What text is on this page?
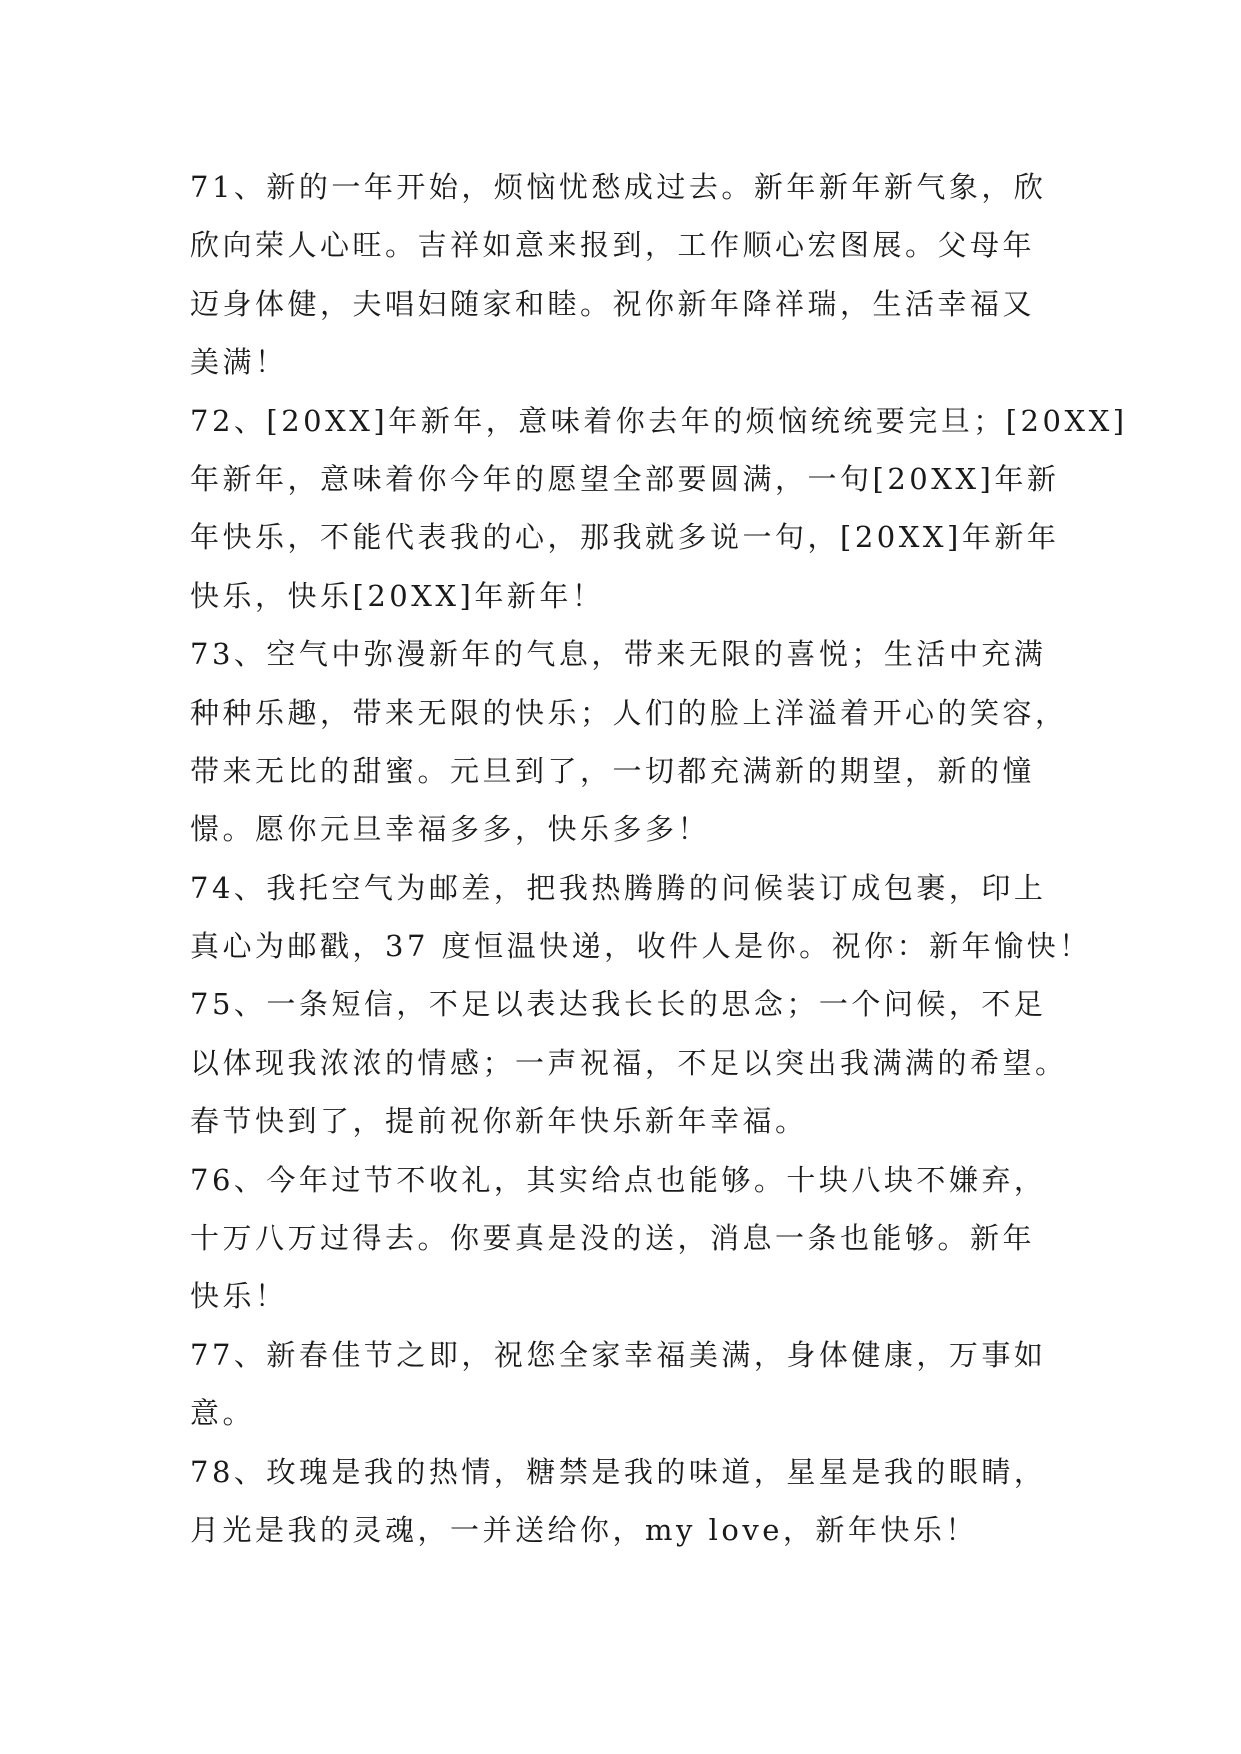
71、新的一年开始，烦恼忧愁成过去。新年新年新气象，欣
欣向荣人心旺。吉祥如意来报到，工作顺心宏图展。父母年
迈身体健，夫唱妇随家和睦。祝你新年降祥瑞，生活幸福又
美满！
72、[20XX]年新年，意味着你去年的烦恼统统要完旦；[20XX]
年新年，意味着你今年的愿望全部要圆满，一句[20XX]年新
年快乐，不能代表我的心，那我就多说一句，[20XX]年新年
快乐，快乐[20XX]年新年！
73、空气中弥漫新年的气息，带来无限的喜悦；生活中充满
种种乐趣，带来无限的快乐；人们的脸上洋溢着开心的笑容，
带来无比的甜蜜。元旦到了，一切都充满新的期望，新的憧
憬。愿你元旦幸福多多，快乐多多！
74、我托空气为邮差，把我热腾腾的问候装订成包裹，印上
真心为邮戳，37 度恒温快递，收件人是你。祝你：新年愉快！
75、一条短信，不足以表达我长长的思念；一个问候，不足
以体现我浓浓的情感；一声祝福，不足以突出我满满的希望。
春节快到了，提前祝你新年快乐新年幸福。
76、今年过节不收礼，其实给点也能够。十块八块不嫌弃，
十万八万过得去。你要真是没的送，消息一条也能够。新年
快乐！
77、新春佳节之即，祝您全家幸福美满，身体健康，万事如
意。
78、玫瑰是我的热情，糖禁是我的味道，星星是我的眼睛，
月光是我的灵魂，一并送给你，my love，新年快乐！
